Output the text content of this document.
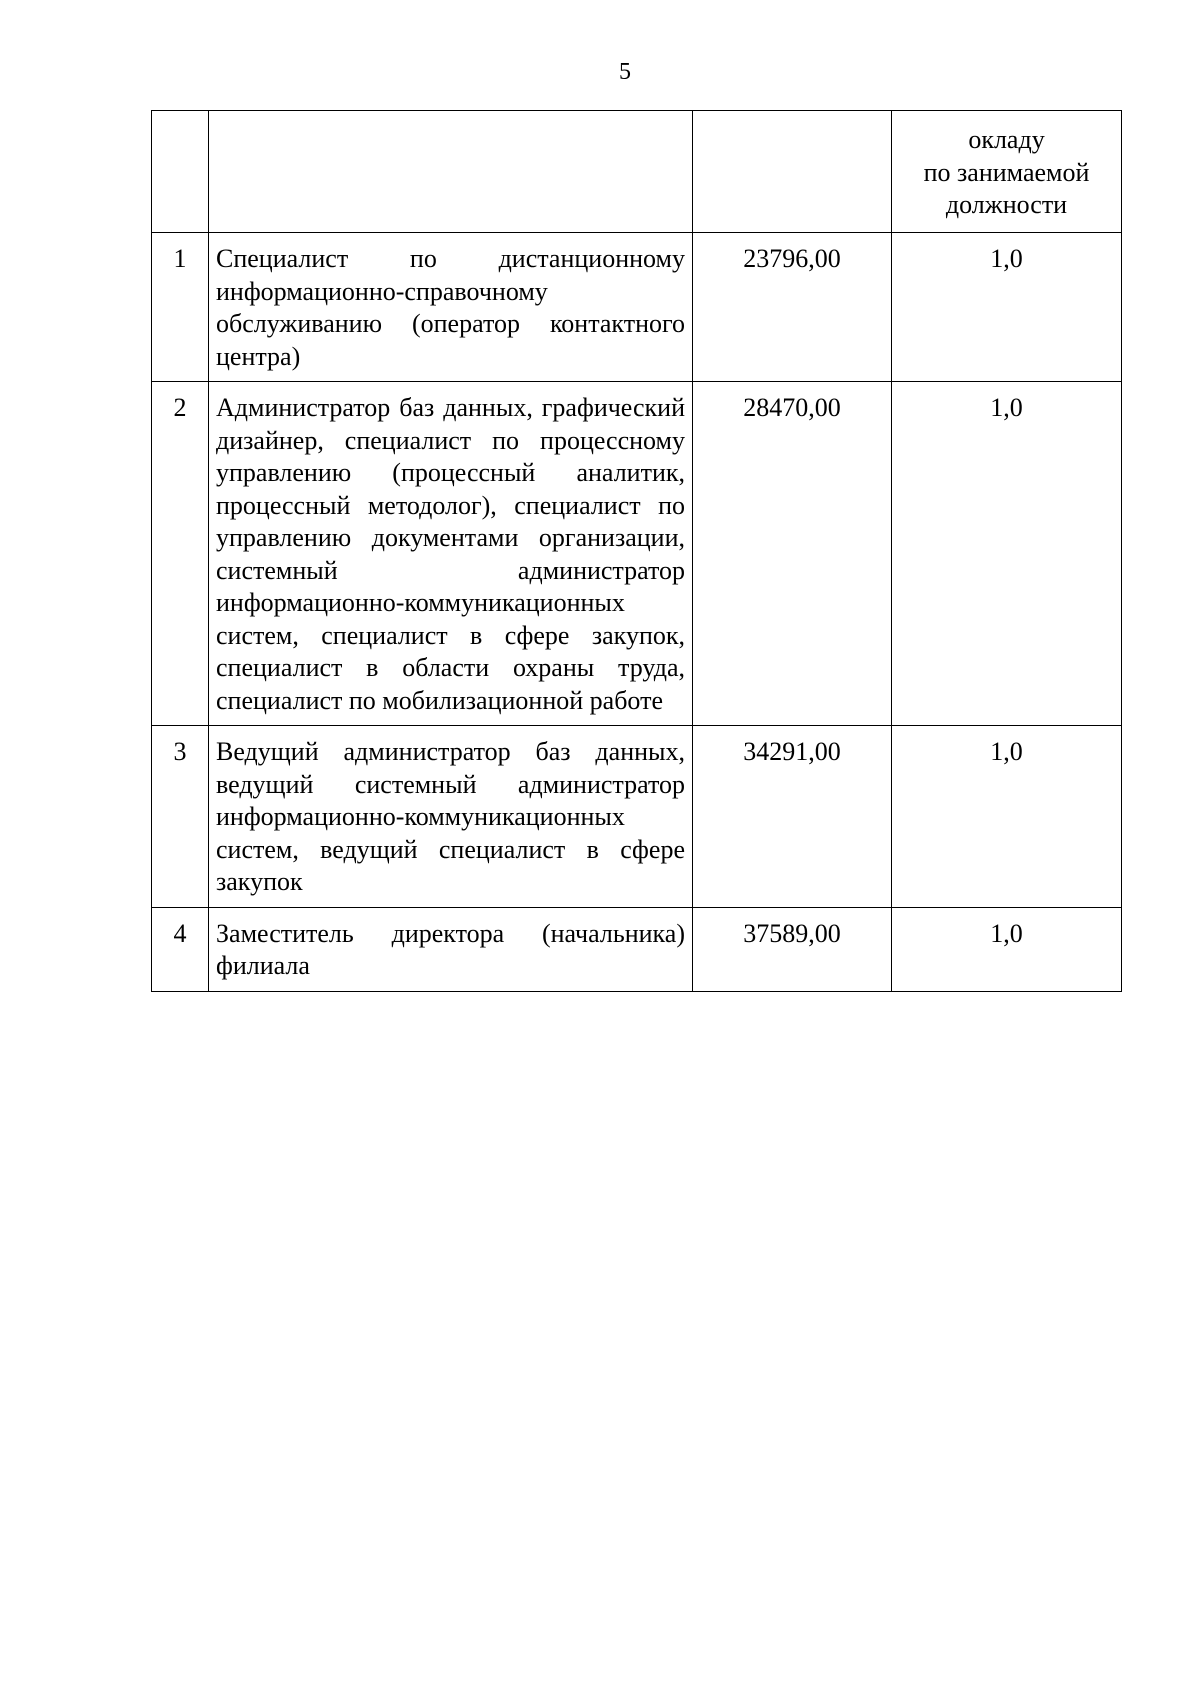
5

			окладу
по занимаемой
должности

1	Специалист по дистанционному информационно-справочному обслуживанию (оператор контактного центра)	23796,00	1,0
2	Администратор баз данных, графический дизайнер, специалист по процессному управлению (процессный аналитик, процессный методолог), специалист по управлению документами организации, системный администратор информационно-коммуникационных систем, специалист в сфере закупок, специалист в области охраны труда, специалист по мобилизационной работе	28470,00	1,0
3	Ведущий администратор баз данных, ведущий системный администратор информационно-коммуникационных систем, ведущий специалист в сфере закупок	34291,00	1,0
4	Заместитель директора (начальника) филиала	37589,00	1,0
